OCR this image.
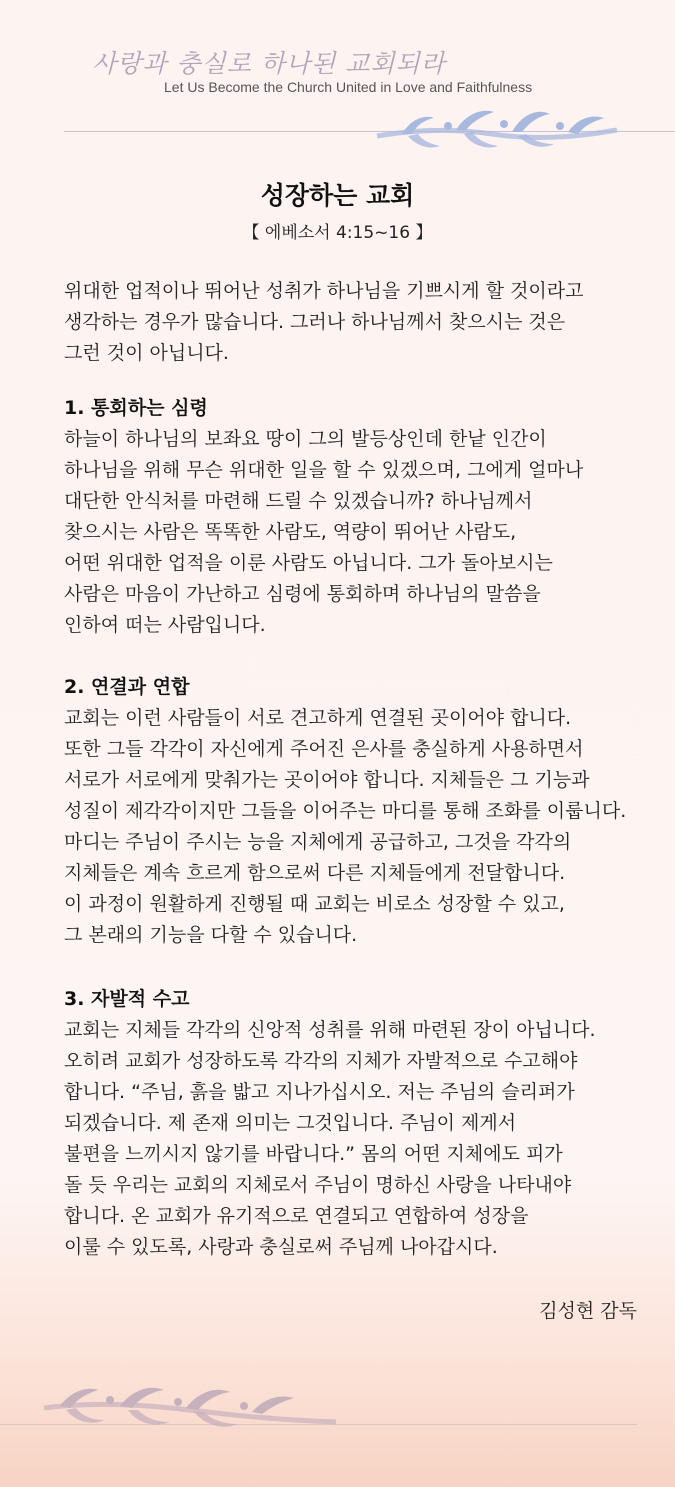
사랑과 충실로 하나된 교회되라
Let Us Become the Church United in Love and Faithfulness
성장하는 교회
【 에베소서 4:15~16 】

위대한 업적이나 뛰어난 성취가 하나님을 기쁘시게 할 것이라고

생각하는 경우가 많습니다. 그러나 하나님께서 찾으시는 것은

그런 것이 아닙니다.

1. 통회하는 심령

하늘이 하나님의 보좌요 땅이 그의 발등상인데 한낱 인간이

하나님을 위해 무슨 위대한 일을 할 수 있겠으며, 그에게 얼마나

대단한 안식처를 마련해 드릴 수 있겠습니까? 하나님께서

찾으시는 사람은 똑똑한 사람도, 역량이 뛰어난 사람도,

어떤 위대한 업적을 이룬 사람도 아닙니다. 그가 돌아보시는

사람은 마음이 가난하고 심령에 통회하며 하나님의 말씀을

인하여 떠는 사람입니다.

2. 연결과 연합

교회는 이런 사람들이 서로 견고하게 연결된 곳이어야 합니다.

또한 그들 각각이 자신에게 주어진 은사를 충실하게 사용하면서

서로가 서로에게 맞춰가는 곳이어야 합니다. 지체들은 그 기능과

성질이 제각각이지만 그들을 이어주는 마디를 통해 조화를 이룹니다.

마디는 주님이 주시는 능을 지체에게 공급하고, 그것을 각각의

지체들은 계속 흐르게 함으로써 다른 지체들에게 전달합니다.

이 과정이 원활하게 진행될 때 교회는 비로소 성장할 수 있고,

그 본래의 기능을 다할 수 있습니다.

3. 자발적 수고

교회는 지체들 각각의 신앙적 성취를 위해 마련된 장이 아닙니다.

오히려 교회가 성장하도록 각각의 지체가 자발적으로 수고해야

합니다. “주님, 흙을 밟고 지나가십시오. 저는 주님의 슬리퍼가

되겠습니다. 제 존재 의미는 그것입니다. 주님이 제게서

불편을 느끼시지 않기를 바랍니다.” 몸의 어떤 지체에도 피가

돌 듯 우리는 교회의 지체로서 주님이 명하신 사랑을 나타내야

합니다. 온 교회가 유기적으로 연결되고 연합하여 성장을

이룰 수 있도록, 사랑과 충실로써 주님께 나아갑시다.

김성현 감독
